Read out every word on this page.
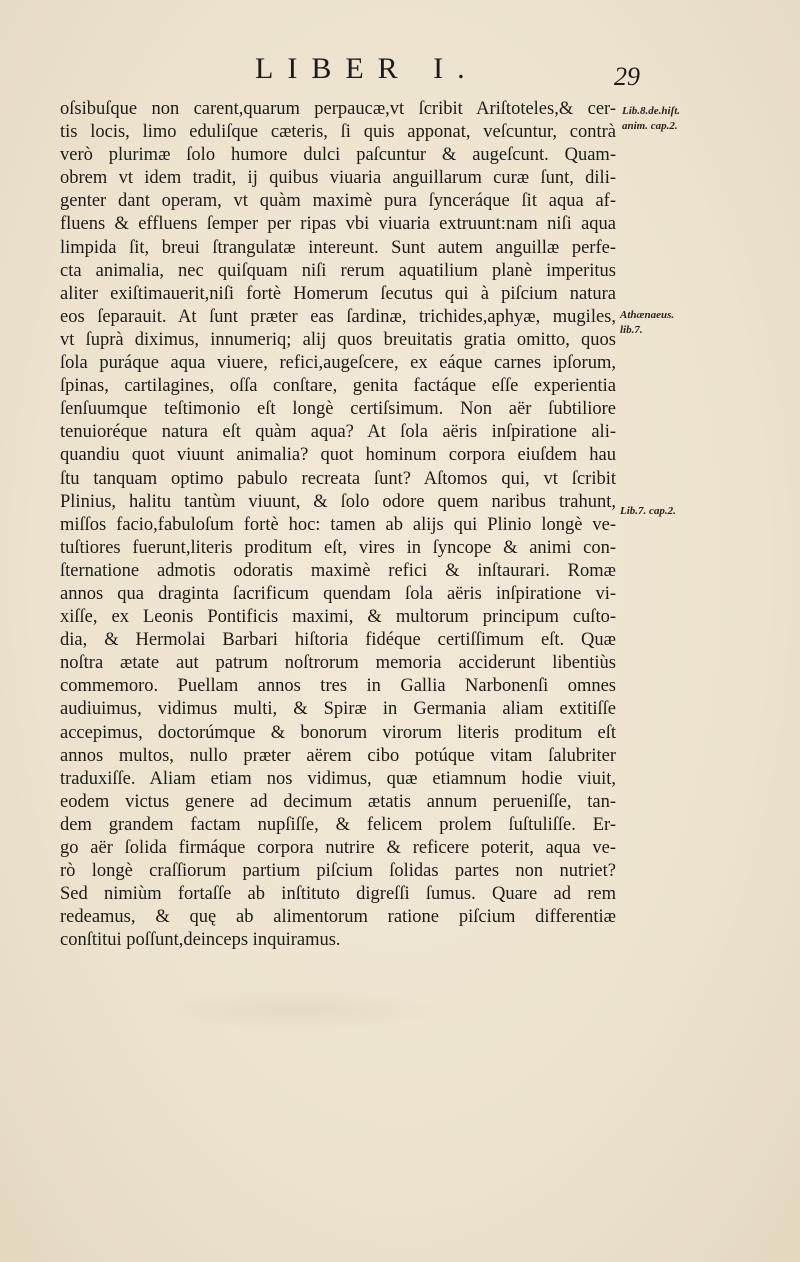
LIBER I.	29
oſsibuſque non carent,quarum perpaucæ,vt ſcribit Ariſtoteles,& cer-
tis locis, limo eduliſque cæteris, ſi quis apponat, veſcuntur, contrà
verò plurimæ ſolo humore dulci paſcuntur & augeſcunt. Quam-
obrem vt idem tradit, ij quibus viuaria anguillarum curæ ſunt, dili-
genter dant operam, vt quàm maximè pura ſynceráque ſit aqua af-
fluens & effluens ſemper per ripas vbi viuaria extruunt:nam niſi aqua
limpida ſit, breui ſtrangulatæ intereunt. Sunt autem anguillæ perfe-
cta animalia, nec quiſquam niſi rerum aquatilium planè imperitus
aliter exiſtimauerit,niſi fortè Homerum ſecutus qui à piſcium natura
eos ſeparauit. At ſunt præter eas ſardinæ, trichides,aphyæ, mugiles,
vt ſuprà diximus, innumeriq; alij quos breuitatis gratia omitto, quos
ſola puráque aqua viuere, refici,augeſcere, ex eáque carnes ipſorum,
ſpinas, cartilagines, oſſa conſtare, genita factáque eſſe experientia
ſenſuumque teſtimonio eſt longè certiſsimum. Non aër ſubtiliore
tenuioréque natura eſt quàm aqua? At ſola aëris inſpiratione ali-
quandiu quot viuunt animalia? quot hominum corpora eiuſdem hau
ſtu tanquam optimo pabulo recreata ſunt? Aſtomos qui, vt ſcribit
Plinius, halitu tantùm viuunt, & ſolo odore quem naribus trahunt,
miſſos facio,fabuloſum fortè hoc: tamen ab alijs qui Plinio longè ve-
tuſtiores fuerunt,literis proditum eſt, vires in ſyncope & animi con-
ſternatione admotis odoratis maximè refici & inſtaurari. Romæ
annos qua draginta ſacrificum quendam ſola aëris inſpiratione vi-
xiſſe, ex Leonis Pontificis maximi, & multorum principum cuſto-
dia, & Hermolai Barbari hiſtoria fidéque certiſſimum eſt. Quæ
noſtra ætate aut patrum noſtrorum memoria acciderunt libentiùs
commemoro. Puellam annos tres in Gallia Narbonenſi omnes
audiuimus, vidimus multi, & Spiræ in Germania aliam extitiſſe
accepimus, doctorúmque & bonorum virorum literis proditum eſt
annos multos, nullo præter aërem cibo potúque vitam ſalubriter
traduxiſſe. Aliam etiam nos vidimus, quæ etiamnum hodie viuit,
eodem victus genere ad decimum ætatis annum perueniſſe, tan-
dem grandem factam nupſiſſe, & felicem prolem ſuſtuliſſe. Er-
go aër ſolida firmáque corpora nutrire & reficere poterit, aqua ve-
rò longè craſſiorum partium piſcium ſolidas partes non nutriet?
Sed nimiùm fortaſſe ab inſtituto digreſſi ſumus. Quare ad rem
redeamus, & quę ab alimentorum ratione piſcium differentiæ
conſtitui poſſunt,deinceps inquiramus.
Lib.8.de.hiſt.
anim. cap.2.
Athænaeus.
lib.7.
Lib.7. cap.2.
